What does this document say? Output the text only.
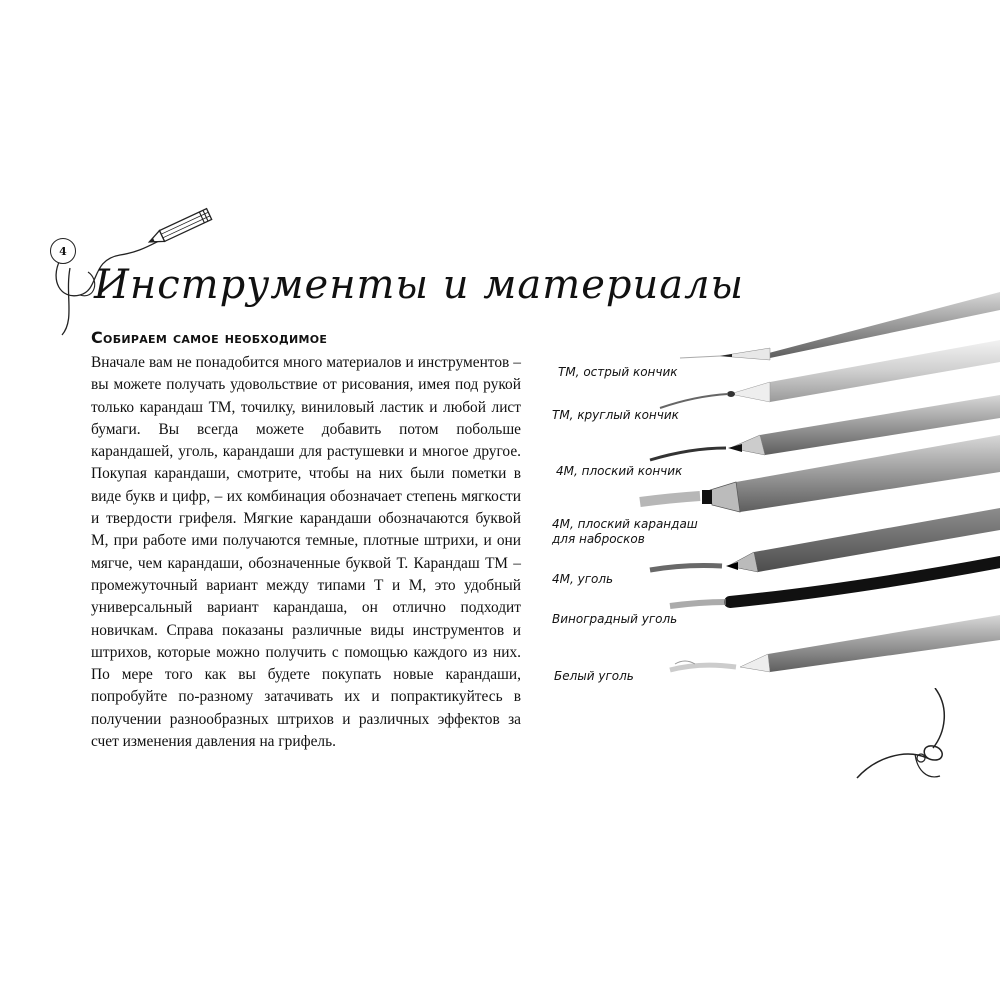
4
Инструменты и материалы
Собираем самое необходимое
Вначале вам не понадобится много материалов и инструментов – вы можете получать удовольствие от рисования, имея под рукой только карандаш ТМ, точилку, виниловый ластик и любой лист бумаги. Вы всегда можете добавить потом побольше карандашей, уголь, карандаши для растушевки и многое другое. Покупая карандаши, смотрите, чтобы на них были пометки в виде букв и цифр, – их комбинация обозначает степень мягкости и твердости грифеля. Мягкие карандаши обозначаются буквой М, при работе ими получаются темные, плотные штрихи, и они мягче, чем карандаши, обозначенные буквой Т. Карандаш ТМ – промежуточный вариант между типами Т и М, это удобный универсальный вариант карандаша, он отлично подходит новичкам. Справа показаны различные виды инструментов и штрихов, которые можно получить с помощью каждого из них. По мере того как вы будете покупать новые карандаши, попробуйте по-разному затачивать их и попрактикуйтесь в получении разнообразных штрихов и различных эффектов за счет изменения давления на грифель.
ТМ, острый кончик
ТМ, круглый кончик
4М, плоский кончик
4М, плоский карандаш
для набросков
4М, уголь
Виноградный уголь
Белый уголь
